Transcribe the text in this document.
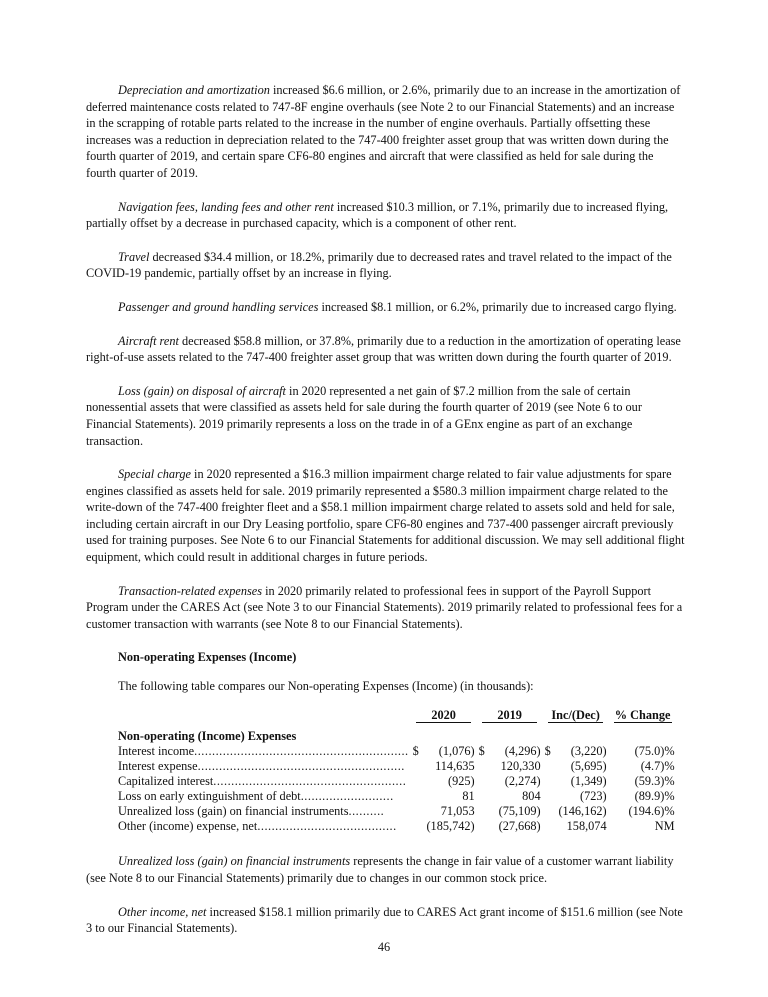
Depreciation and amortization increased $6.6 million, or 2.6%, primarily due to an increase in the amortization of deferred maintenance costs related to 747-8F engine overhauls (see Note 2 to our Financial Statements) and an increase in the scrapping of rotable parts related to the increase in the number of engine overhauls. Partially offsetting these increases was a reduction in depreciation related to the 747-400 freighter asset group that was written down during the fourth quarter of 2019, and certain spare CF6-80 engines and aircraft that were classified as held for sale during the fourth quarter of 2019.

Navigation fees, landing fees and other rent increased $10.3 million, or 7.1%, primarily due to increased flying, partially offset by a decrease in purchased capacity, which is a component of other rent.

Travel decreased $34.4 million, or 18.2%, primarily due to decreased rates and travel related to the impact of the COVID-19 pandemic, partially offset by an increase in flying.

Passenger and ground handling services increased $8.1 million, or 6.2%, primarily due to increased cargo flying.

Aircraft rent decreased $58.8 million, or 37.8%, primarily due to a reduction in the amortization of operating lease right-of-use assets related to the 747-400 freighter asset group that was written down during the fourth quarter of 2019.

Loss (gain) on disposal of aircraft in 2020 represented a net gain of $7.2 million from the sale of certain nonessential assets that were classified as assets held for sale during the fourth quarter of 2019 (see Note 6 to our Financial Statements). 2019 primarily represents a loss on the trade in of a GEnx engine as part of an exchange transaction.

Special charge in 2020 represented a $16.3 million impairment charge related to fair value adjustments for spare engines classified as assets held for sale. 2019 primarily represented a $580.3 million impairment charge related to the write-down of the 747-400 freighter fleet and a $58.1 million impairment charge related to assets sold and held for sale, including certain aircraft in our Dry Leasing portfolio, spare CF6-80 engines and 737-400 passenger aircraft previously used for training purposes. See Note 6 to our Financial Statements for additional discussion. We may sell additional flight equipment, which could result in additional charges in future periods.

Transaction-related expenses in 2020 primarily related to professional fees in support of the Payroll Support Program under the CARES Act (see Note 3 to our Financial Statements). 2019 primarily related to professional fees for a customer transaction with warrants (see Note 8 to our Financial Statements).

Non-operating Expenses (Income)

The following table compares our Non-operating Expenses (Income) (in thousands):

		2020			2019			Inc/(Dec)			% Change

Non-operating (Income) Expenses											
Interest income............................................................		$	(1,076)		$	(4,296)		$	(3,220)		(75.0)%
Interest expense..........................................................			114,635			120,330			(5,695)		(4.7)%
Capitalized interest......................................................			(925)			(2,274)			(1,349)		(59.3)%
Loss on early extinguishment of debt..........................			81			804			(723)		(89.9)%
Unrealized loss (gain) on financial instruments..........			71,053			(75,109)			(146,162)		(194.6)%
Other (income) expense, net.......................................			(185,742)			(27,668)			158,074		NM

Unrealized loss (gain) on financial instruments represents the change in fair value of a customer warrant liability (see Note 8 to our Financial Statements) primarily due to changes in our common stock price.

Other income, net increased $158.1 million primarily due to CARES Act grant income of $151.6 million (see Note 3 to our Financial Statements).

46
